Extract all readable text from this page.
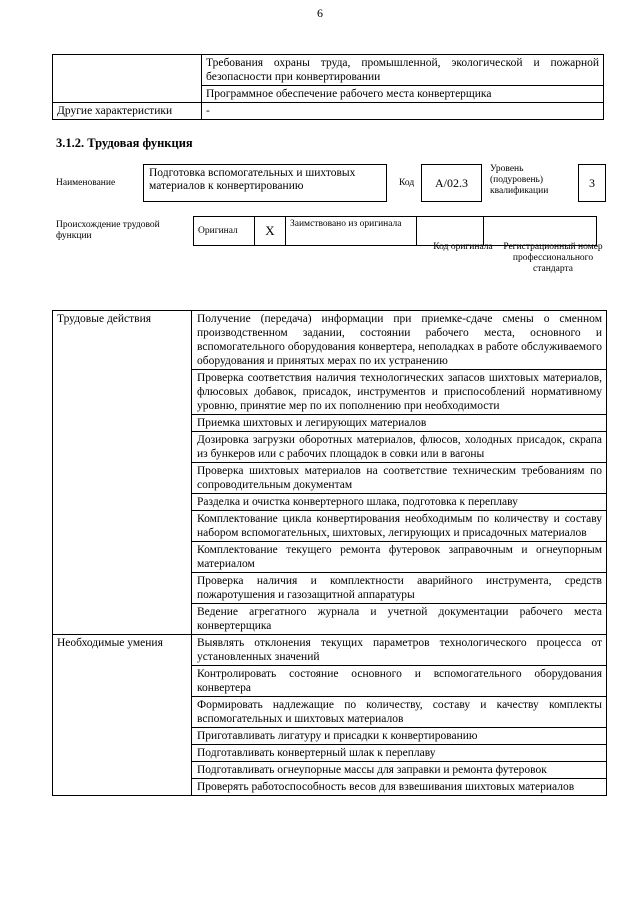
6
	Требования охраны труда, промышленной, экологической и пожарной безопасности при конвертировании
	Программное обеспечение рабочего места конвертерщика
Другие характеристики	-
3.1.2. Трудовая функция
Наименование
Подготовка вспомогательных и шихтовых материалов к конвертированию	Код	А/02.3
Уровень (подуровень) квалификации
3
Происхождение трудовой функции
Оригинал	X	Заимствовано из оригинала		
Код оригинала	Регистрационный номер профессионального стандарта
Трудовые действия	Получение (передача) информации при приемке-сдаче смены о сменном производственном задании, состоянии рабочего места, основного и вспомогательного оборудования конвертера, неполадках в работе обслуживаемого оборудования и принятых мерах по их устранению
	Проверка соответствия наличия технологических запасов шихтовых материалов, флюсовых добавок, присадок, инструментов и приспособлений нормативному уровню, принятие мер по их пополнению при необходимости
	Приемка шихтовых и легирующих материалов
	Дозировка загрузки оборотных материалов, флюсов, холодных присадок, скрапа из бункеров или с рабочих площадок в совки или в вагоны
	Проверка шихтовых материалов на соответствие техническим требованиям по сопроводительным документам
	Разделка и очистка конвертерного шлака, подготовка к переплаву
	Комплектование цикла конвертирования необходимым по количеству и составу набором вспомогательных, шихтовых, легирующих и присадочных материалов
	Комплектование текущего ремонта футеровок заправочным и огнеупорным материалом
	Проверка наличия и комплектности аварийного инструмента, средств пожаротушения и газозащитной аппаратуры
	Ведение агрегатного журнала и учетной документации рабочего места конвертерщика
Необходимые умения	Выявлять отклонения текущих параметров технологического процесса от установленных значений
	Контролировать состояние основного и вспомогательного оборудования конвертера
	Формировать надлежащие по количеству, составу и качеству комплекты вспомогательных и шихтовых материалов
	Приготавливать лигатуру и присадки к конвертированию
	Подготавливать конвертерный шлак к переплаву
	Подготавливать огнеупорные массы для заправки и ремонта футеровок
	Проверять работоспособность весов для взвешивания шихтовых материалов
